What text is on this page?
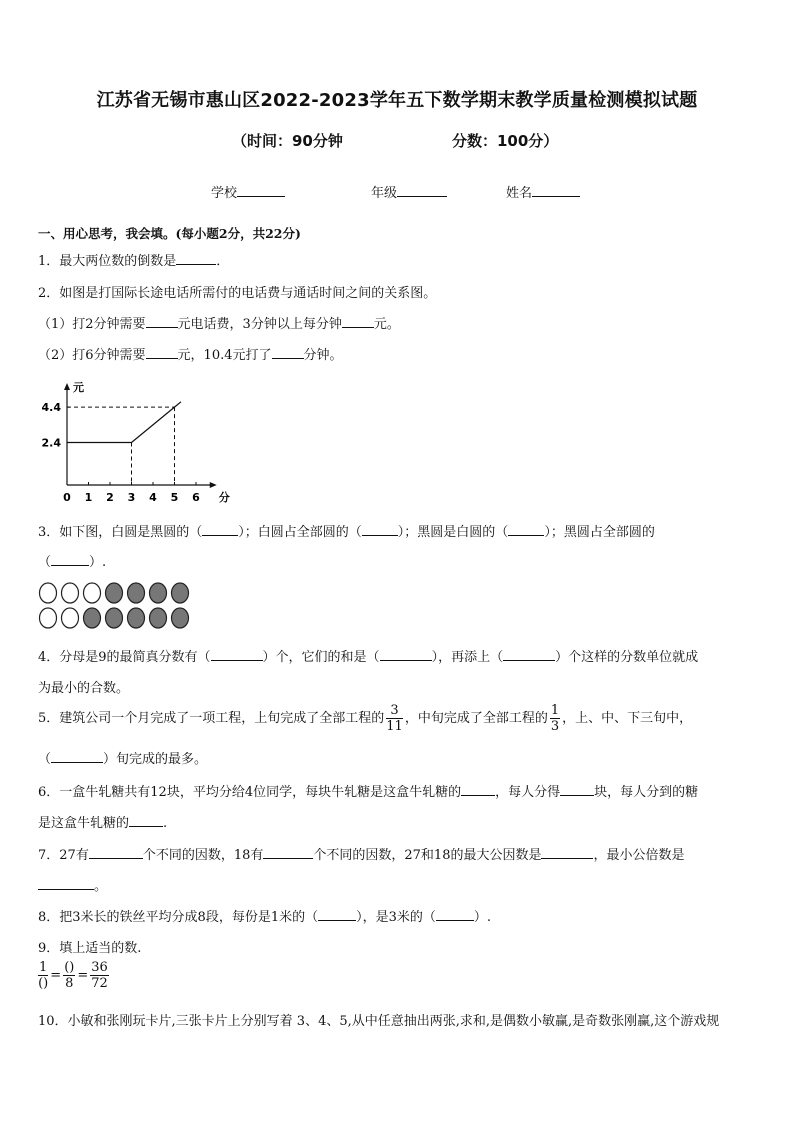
江苏省无锡市惠山区2022-2023学年五下数学期末教学质量检测模拟试题
（时间：90分钟	分数：100分）
学校	年级	姓名
一、用心思考，我会填。(每小题2分，共22分)
1．最大两位数的倒数是	．
2．如图是打国际长途电话所需付的电话费与通话时间之间的关系图。
（1）打2分钟需要 元电话费，3分钟以上每分钟 元。
（2）打6分钟需要 元，10.4元打了 分钟。
0 1 2 3 4 5 6 分
2.4
4.4
元
3．如下图，白圆是黑圆的（	）；白圆占全部圆的（	）；黑圆是白圆的（	）；黑圆占全部圆的
（	）.
4．分母是9的最简真分数有（	）个，它们的和是（	），再添上（	）个这样的分数单位就成
为最小的合数。
5．建筑公司一个月完成了一项工程，上旬完成了全部工程的 $\frac{3}{11}$ ，中旬完成了全部工程的 $\frac{1}{3}$ ，上、中、下三旬中，
（	）旬完成的最多。
6．一盒牛轧糖共有12块，平均分给4位同学，每块牛轧糖是这盒牛轧糖的	，每人分得	块，每人分到的糖
是这盒牛轧糖的	.
7．27有	个不同的因数，18有	个不同的因数，27和18的最大公因数是	，最小公倍数是
。
8．把3米长的铁丝平均分成8段，每份是1米的（	），是3米的（	）.
9．填上适当的数.
$\frac{1}{()} = \frac{()}{8} = \frac{36}{72}$
10．小敏和张刚玩卡片,三张卡片上分别写着 3、4、5,从中任意抽出两张,求和,是偶数小敏赢,是奇数张刚赢,这个游戏规
